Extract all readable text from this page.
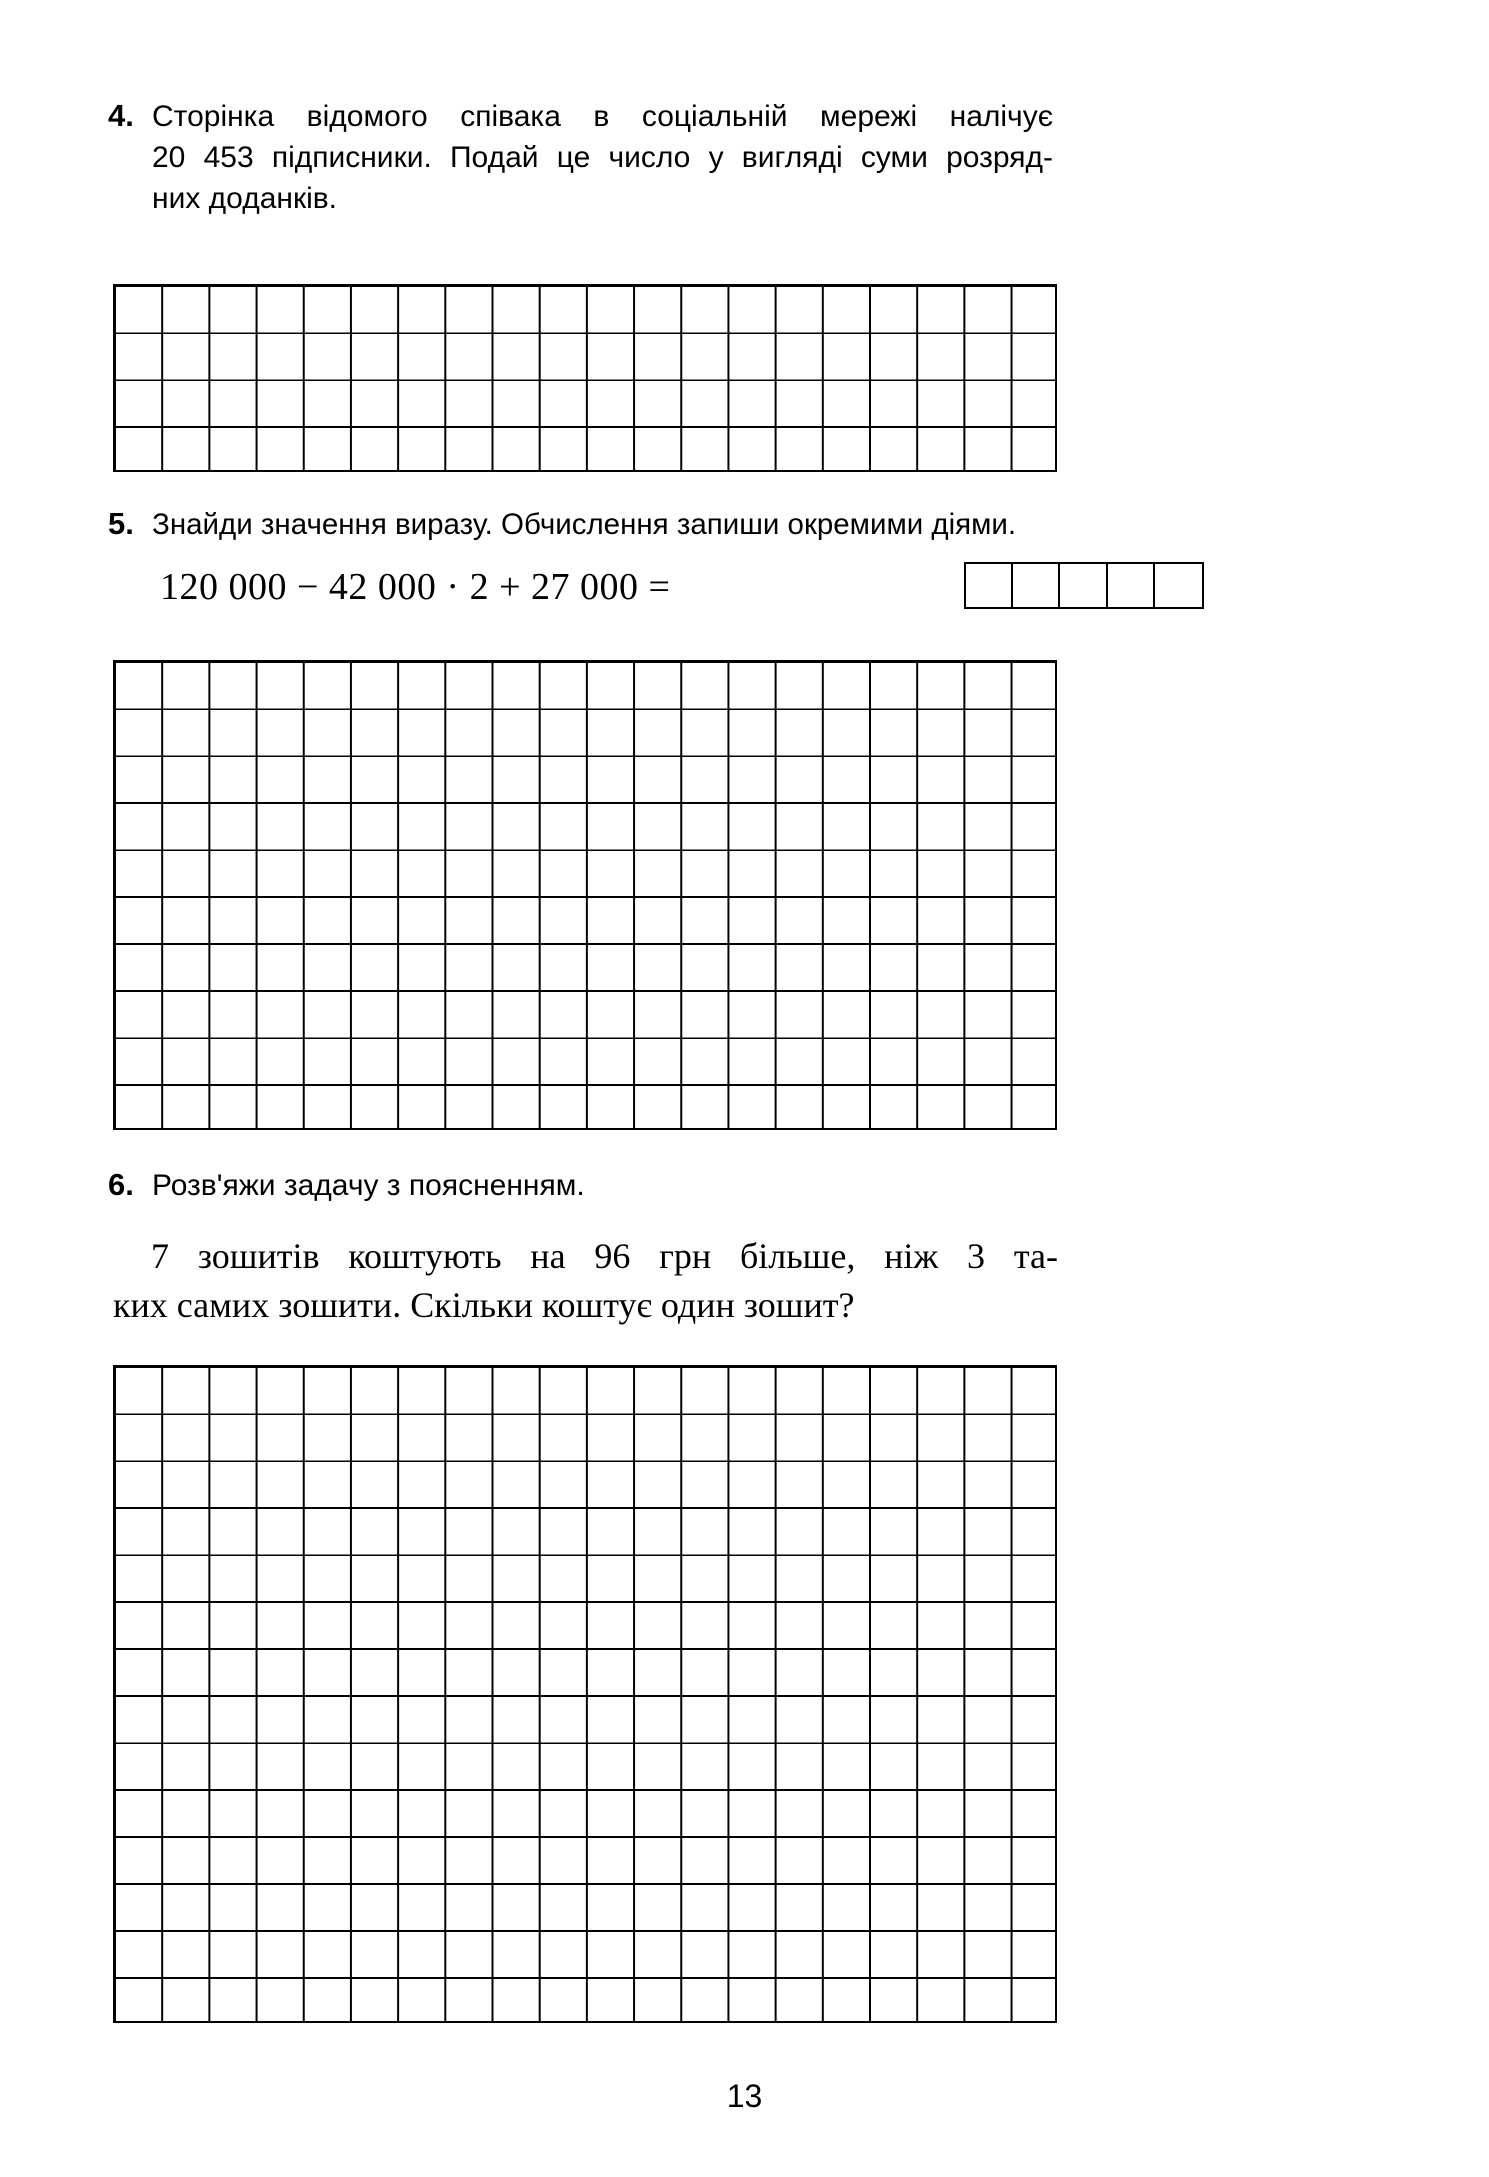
4. Сторінка відомого співака в соціальній мережі налічує
20 453 підписники. Подай це число у вигляді суми розряд-
них доданків.
5. Знайди значення виразу. Обчислення запиши окремими діями.
120 000 − 42 000 · 2 + 27 000 =
6. Розв'яжи задачу з поясненням.
7 зошитів коштують на 96 грн більше, ніж 3 та-
ких самих зошити. Скільки коштує один зошит?
13
